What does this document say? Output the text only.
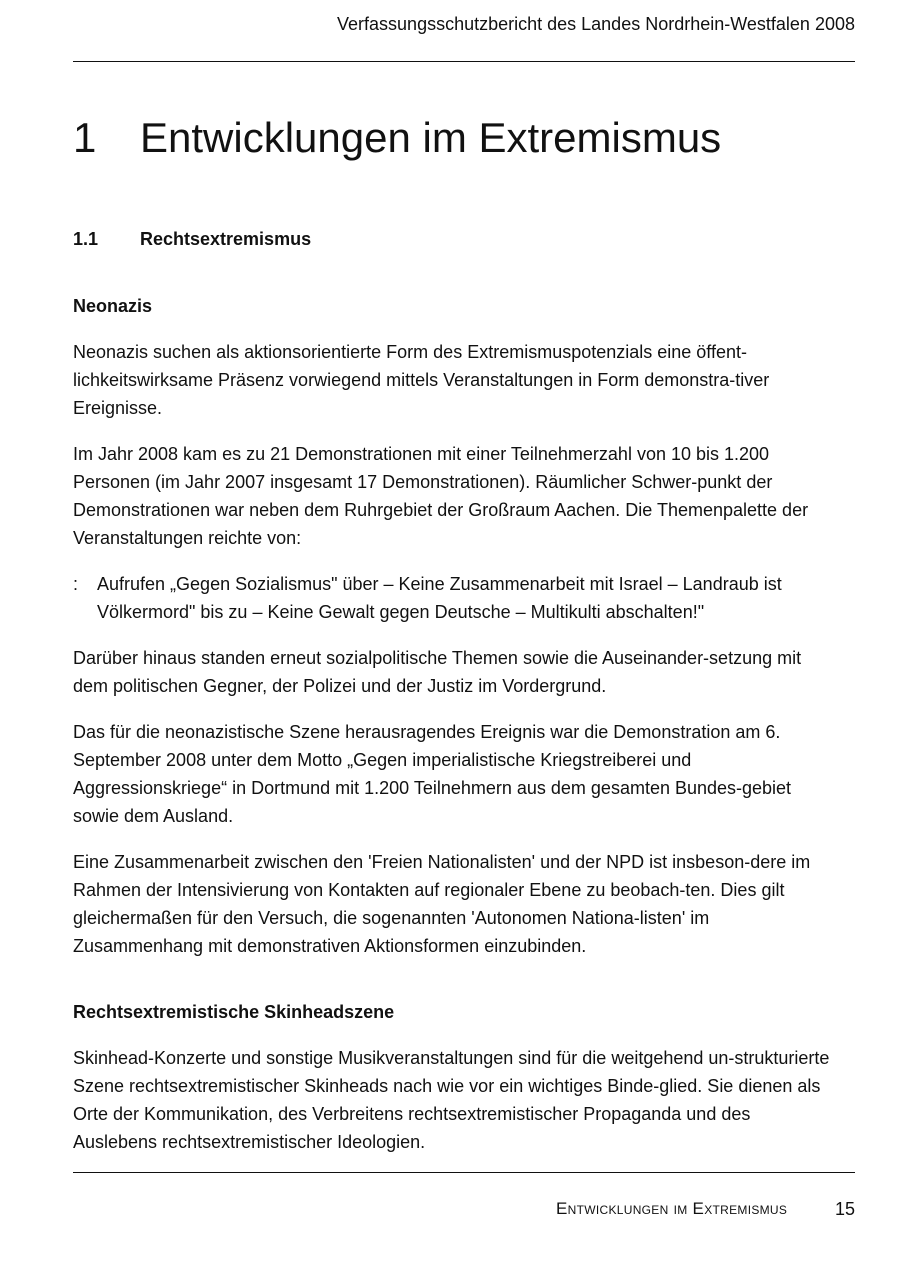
Verfassungsschutzbericht des Landes Nordrhein-Westfalen 2008
1 Entwicklungen im Extremismus
1.1 Rechtsextremismus
Neonazis

Neonazis suchen als aktionsorientierte Form des Extremismuspotenzials eine öffent-lichkeitswirksame Präsenz vorwiegend mittels Veranstaltungen in Form demonstra-tiver Ereignisse.

Im Jahr 2008 kam es zu 21 Demonstrationen mit einer Teilnehmerzahl von 10 bis 1.200 Personen (im Jahr 2007 insgesamt 17 Demonstrationen). Räumlicher Schwer-punkt der Demonstrationen war neben dem Ruhrgebiet der Großraum Aachen. Die Themenpalette der Veranstaltungen reichte von:

: Aufrufen „Gegen Sozialismus" über – Keine Zusammenarbeit mit Israel – Landraub ist Völkermord" bis zu – Keine Gewalt gegen Deutsche – Multikulti abschalten!"

Darüber hinaus standen erneut sozialpolitische Themen sowie die Auseinander-setzung mit dem politischen Gegner, der Polizei und der Justiz im Vordergrund.

Das für die neonazistische Szene herausragendes Ereignis war die Demonstration am 6. September 2008 unter dem Motto „Gegen imperialistische Kriegstreiberei und Aggressionskriege“ in Dortmund mit 1.200 Teilnehmern aus dem gesamten Bundes-gebiet sowie dem Ausland.

Eine Zusammenarbeit zwischen den 'Freien Nationalisten' und der NPD ist insbeson-dere im Rahmen der Intensivierung von Kontakten auf regionaler Ebene zu beobach-ten. Dies gilt gleichermaßen für den Versuch, die sogenannten 'Autonomen Nationa-listen' im Zusammenhang mit demonstrativen Aktionsformen einzubinden.

Rechtsextremistische Skinheadszene

Skinhead-Konzerte und sonstige Musikveranstaltungen sind für die weitgehend un-strukturierte Szene rechtsextremistischer Skinheads nach wie vor ein wichtiges Binde-glied. Sie dienen als Orte der Kommunikation, des Verbreitens rechtsextremistischer Propaganda und des Auslebens rechtsextremistischer Ideologien.

Entwicklungen im Extremismus	15
